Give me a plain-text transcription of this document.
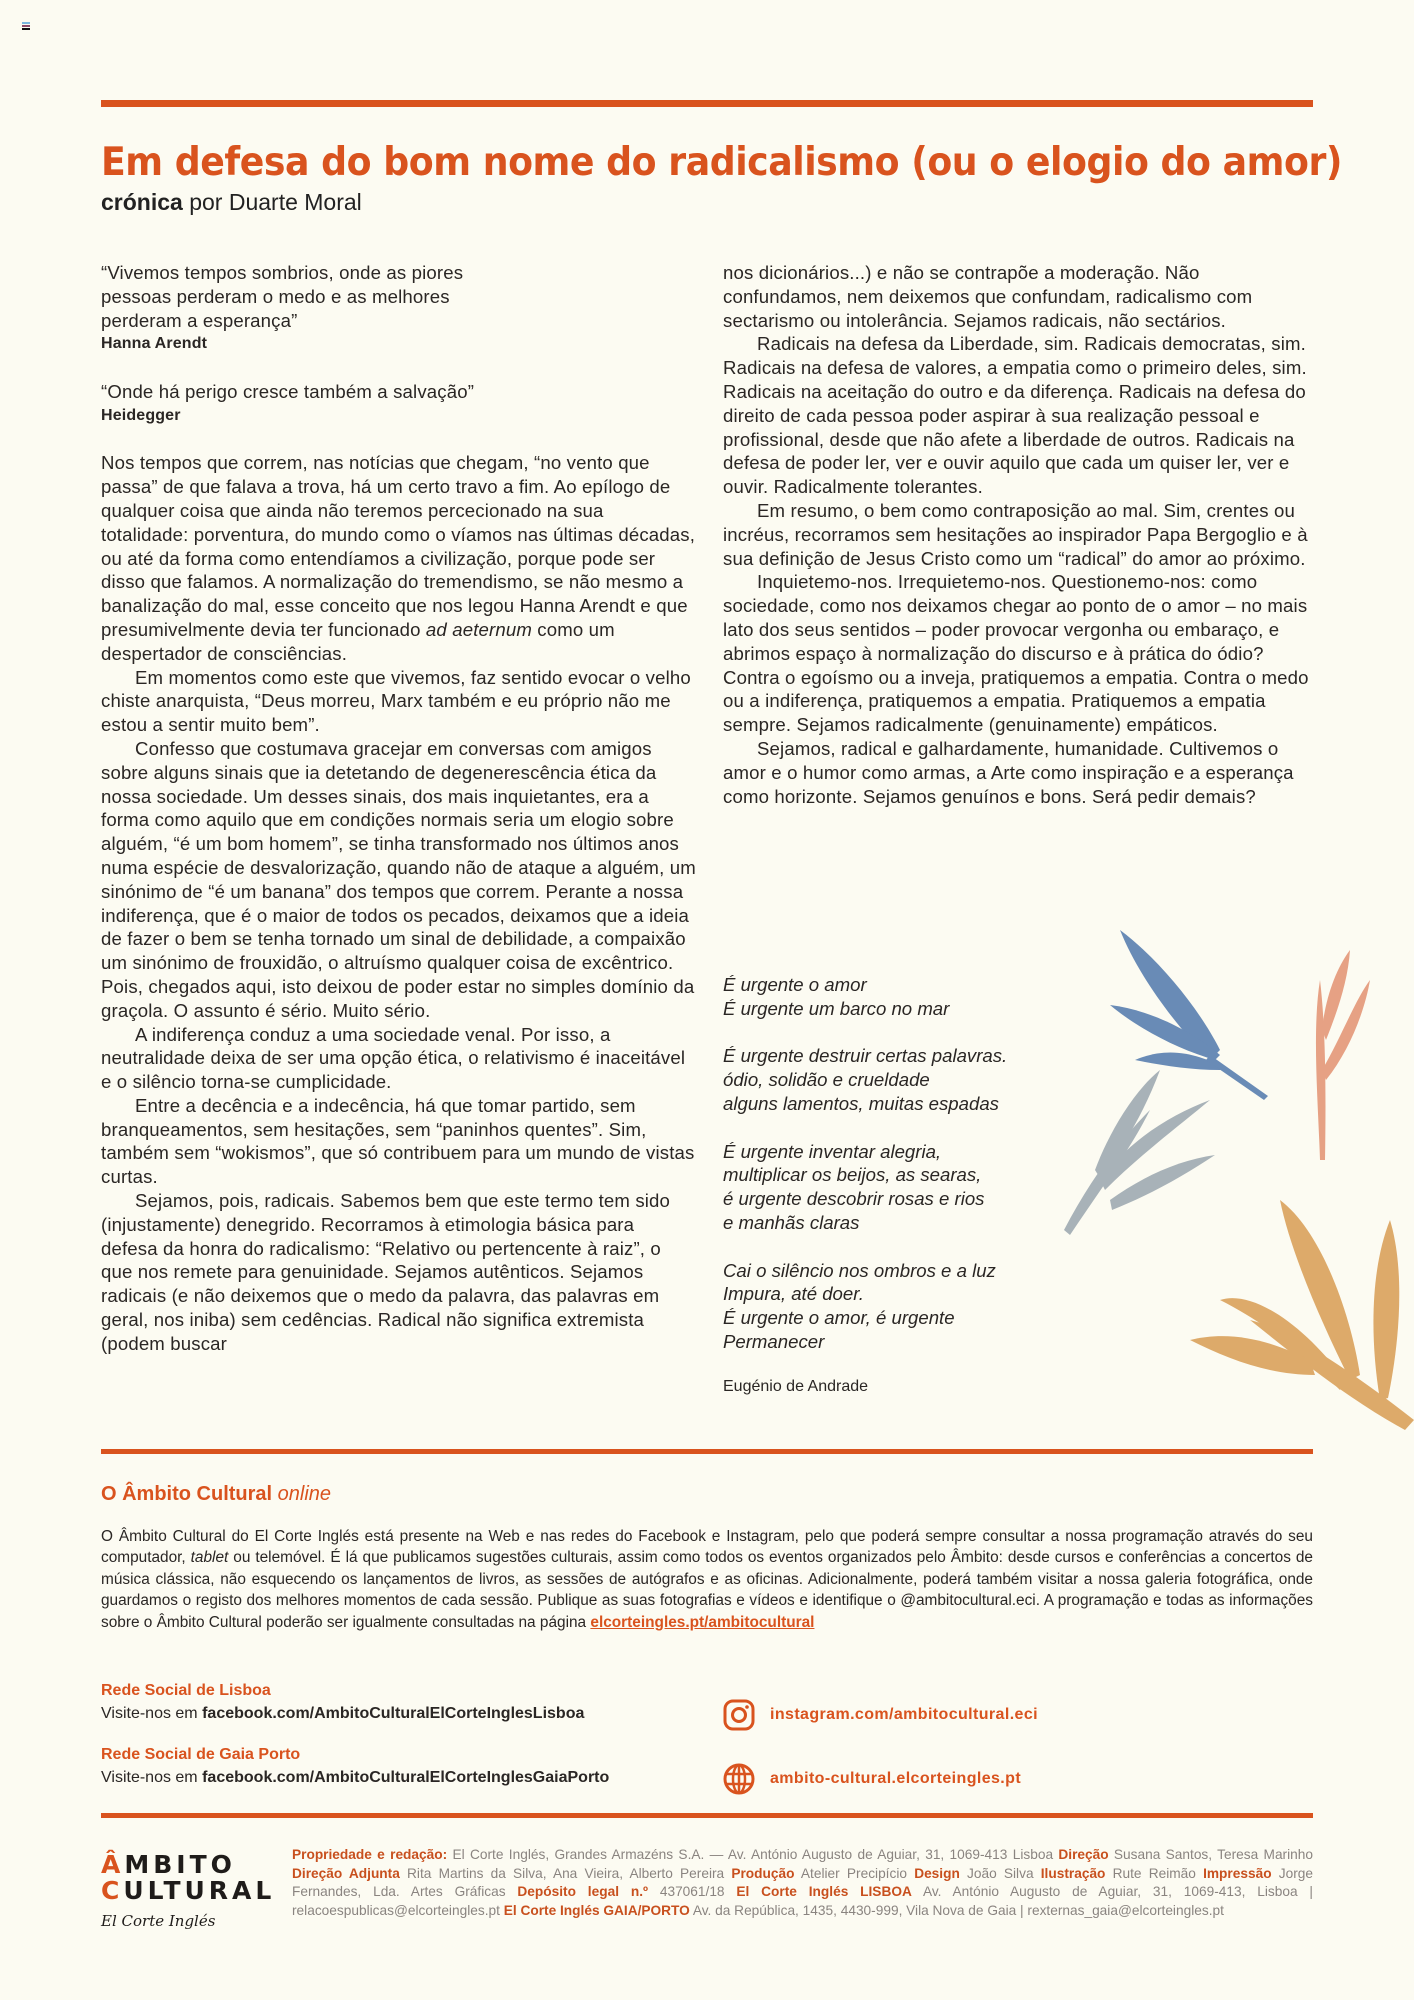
Em defesa do bom nome do radicalismo (ou o elogio do amor)
crónica por Duarte Moral
“Vivemos tempos sombrios, onde as piores pessoas perderam o medo e as melhores perderam a esperança”
Hanna Arendt
“Onde há perigo cresce também a salvação”
Heidegger

Nos tempos que correm, nas notícias que chegam, “no vento que passa” de que falava a trova, há um certo travo a fim. Ao epílogo de qualquer coisa que ainda não teremos percecionado na sua totalidade: porventura, do mundo como o víamos nas últimas décadas, ou até da forma como entendíamos a civilização, porque pode ser disso que falamos. A normalização do tremendismo, se não mesmo a banalização do mal, esse conceito que nos legou Hanna Arendt e que presumivelmente devia ter funcionado ad aeternum como um despertador de consciências.

Em momentos como este que vivemos, faz sentido evocar o velho chiste anarquista, “Deus morreu, Marx também e eu próprio não me estou a sentir muito bem”.

Confesso que costumava gracejar em conversas com amigos sobre alguns sinais que ia detetando de degenerescência ética da nossa sociedade. Um desses sinais, dos mais inquietantes, era a forma como aquilo que em condições normais seria um elogio sobre alguém, “é um bom homem”, se tinha transformado nos últimos anos numa espécie de desvalorização, quando não de ataque a alguém, um sinónimo de “é um banana” dos tempos que correm. Perante a nossa indiferença, que é o maior de todos os pecados, deixamos que a ideia de fazer o bem se tenha tornado um sinal de debilidade, a compaixão um sinónimo de frouxidão, o altruísmo qualquer coisa de excêntrico. Pois, chegados aqui, isto deixou de poder estar no simples domínio da graçola. O assunto é sério. Muito sério.

A indiferença conduz a uma sociedade venal. Por isso, a neutralidade deixa de ser uma opção ética, o relativismo é inaceitável e o silêncio torna-se cumplicidade.

Entre a decência e a indecência, há que tomar partido, sem branqueamentos, sem hesitações, sem “paninhos quentes”. Sim, também sem “wokismos”, que só contribuem para um mundo de vistas curtas.

Sejamos, pois, radicais. Sabemos bem que este termo tem sido (injustamente) denegrido. Recorramos à etimologia básica para defesa da honra do radicalismo: “Relativo ou pertencente à raiz”, o que nos remete para genuinidade. Sejamos autênticos. Sejamos radicais (e não deixemos que o medo da palavra, das palavras em geral, nos iniba) sem cedências. Radical não significa extremista (podem buscar

nos dicionários...) e não se contrapõe a moderação. Não confundamos, nem deixemos que confundam, radicalismo com sectarismo ou intolerância. Sejamos radicais, não sectários.

Radicais na defesa da Liberdade, sim. Radicais democratas, sim. Radicais na defesa de valores, a empatia como o primeiro deles, sim. Radicais na aceitação do outro e da diferença. Radicais na defesa do direito de cada pessoa poder aspirar à sua realização pessoal e profissional, desde que não afete a liberdade de outros. Radicais na defesa de poder ler, ver e ouvir aquilo que cada um quiser ler, ver e ouvir. Radicalmente tolerantes.

Em resumo, o bem como contraposição ao mal. Sim, crentes ou incréus, recorramos sem hesitações ao inspirador Papa Bergoglio e à sua definição de Jesus Cristo como um “radical” do amor ao próximo.

Inquietemo-nos. Irrequietemo-nos. Questionemo-nos: como sociedade, como nos deixamos chegar ao ponto de o amor – no mais lato dos seus sentidos – poder provocar vergonha ou embaraço, e abrimos espaço à normalização do discurso e à prática do ódio? Contra o egoísmo ou a inveja, pratiquemos a empatia. Contra o medo ou a indiferença, pratiquemos a empatia. Pratiquemos a empatia sempre. Sejamos radicalmente (genuinamente) empáticos.

Sejamos, radical e galhardamente, humanidade. Cultivemos o amor e o humor como armas, a Arte como inspiração e a esperança como horizonte. Sejamos genuínos e bons. Será pedir demais?

É urgente o amor
É urgente um barco no mar
É urgente destruir certas palavras.
ódio, solidão e crueldade
alguns lamentos, muitas espadas
É urgente inventar alegria,
multiplicar os beijos, as searas,
é urgente descobrir rosas e rios
e manhãs claras
Cai o silêncio nos ombros e a luz
Impura, até doer.
É urgente o amor, é urgente
Permanecer
Eugénio de Andrade
O Âmbito Cultural online
O Âmbito Cultural do El Corte Inglés está presente na Web e nas redes do Facebook e Instagram, pelo que poderá sempre consultar a nossa programação através do seu computador, tablet ou telemóvel. É lá que publicamos sugestões culturais, assim como todos os eventos organizados pelo Âmbito: desde cursos e conferências a concertos de música clássica, não esquecendo os lançamentos de livros, as sessões de autógrafos e as oficinas. Adicionalmente, poderá também visitar a nossa galeria fotográfica, onde guardamos o registo dos melhores momentos de cada sessão. Publique as suas fotografias e vídeos e identifique o @ambitocultural.eci. A programação e todas as informações sobre o Âmbito Cultural poderão ser igualmente consultadas na página elcorteingles.pt/ambitocultural
Rede Social de Lisboa
Visite-nos em facebook.com/AmbitoCulturalElCorteInglesLisboa
Rede Social de Gaia Porto
Visite-nos em facebook.com/AmbitoCulturalElCorteInglesGaiaPorto
instagram.com/ambitocultural.eci
ambito-cultural.elcorteingles.pt
ÂMBITO
CULTURAL
El Corte Inglés
Propriedade e redação: El Corte Inglés, Grandes Armazéns S.A. — Av. António Augusto de Aguiar, 31, 1069-413 Lisboa Direção Susana Santos, Teresa Marinho Direção Adjunta Rita Martins da Silva, Ana Vieira, Alberto Pereira Produção Atelier Precipício Design João Silva Ilustração Rute Reimão Impressão Jorge Fernandes, Lda. Artes Gráficas Depósito legal n.º 437061/18 El Corte Inglés LISBOA Av. António Augusto de Aguiar, 31, 1069-413, Lisboa | relacoespublicas@elcorteingles.pt El Corte Inglés GAIA/PORTO Av. da República, 1435, 4430-999, Vila Nova de Gaia | rexternas_gaia@elcorteingles.pt
